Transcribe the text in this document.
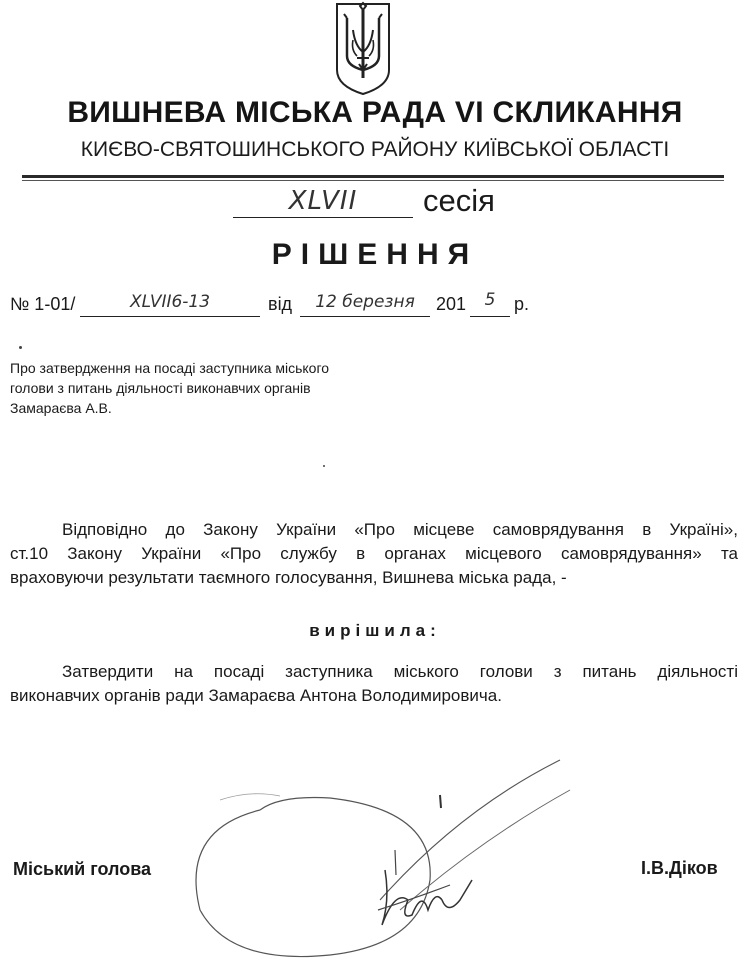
ВИШНЕВА МІСЬКА РАДА VI СКЛИКАННЯ
КИЄВО-СВЯТОШИНСЬКОГО РАЙОНУ КИЇВСЬКОЇ ОБЛАСТІ
XLVII	сесія
РІШЕННЯ
№ 1-01/	XLVII6-13	від	12 березня	201	5	р.
Про затвердження на посаді заступника міського
голови з питань діяльності виконавчих органів
Замараєва А.В.
Відповідно до Закону України «Про місцеве самоврядування в Україні»,
ст.10 Закону України «Про службу в органах місцевого самоврядування» та
враховуючи результати таємного голосування, Вишнева міська рада, -
вирішила:
Затвердити на посаді заступника міського голови з питань діяльності
виконавчих органів ради Замараєва Антона Володимировича.
Міський голова	І.В.Діков
